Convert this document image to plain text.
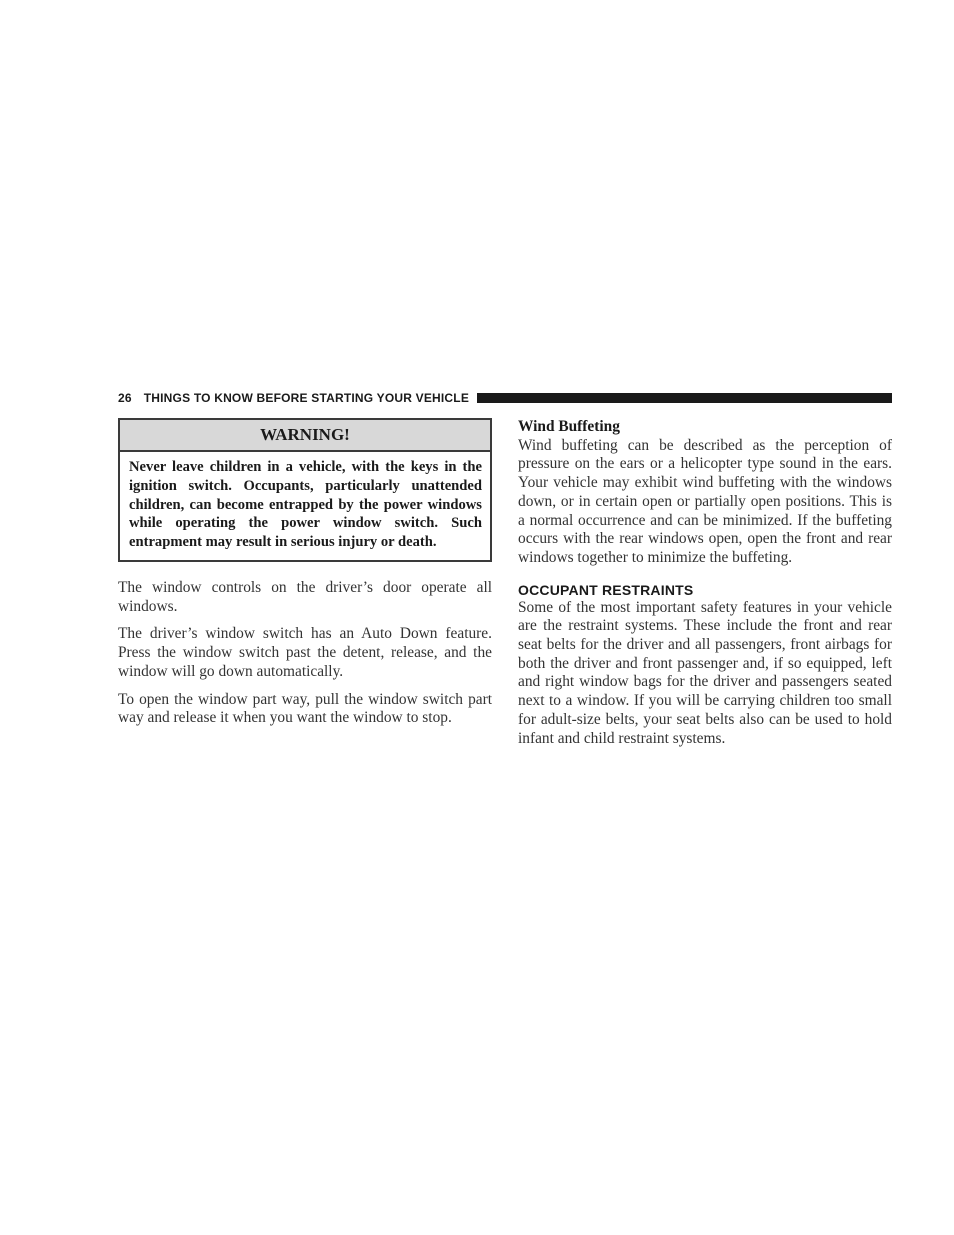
26 THINGS TO KNOW BEFORE STARTING YOUR VEHICLE
WARNING!
Never leave children in a vehicle, with the keys in the ignition switch. Occupants, particularly unattended children, can become entrapped by the power windows while operating the power window switch. Such entrapment may result in serious injury or death.

The window controls on the driver’s door operate all windows.

The driver’s window switch has an Auto Down feature. Press the window switch past the detent, release, and the window will go down automatically.

To open the window part way, pull the window switch part way and release it when you want the window to stop.

Wind Buffeting

Wind buffeting can be described as the perception of pressure on the ears or a helicopter type sound in the ears. Your vehicle may exhibit wind buffeting with the windows down, or in certain open or partially open positions. This is a normal occurrence and can be minimized. If the buffeting occurs with the rear windows open, open the front and rear windows together to minimize the buffeting.

OCCUPANT RESTRAINTS

Some of the most important safety features in your vehicle are the restraint systems. These include the front and rear seat belts for the driver and all passengers, front airbags for both the driver and front passenger and, if so equipped, left and right window bags for the driver and passengers seated next to a window. If you will be carrying children too small for adult-size belts, your seat belts also can be used to hold infant and child restraint systems.
